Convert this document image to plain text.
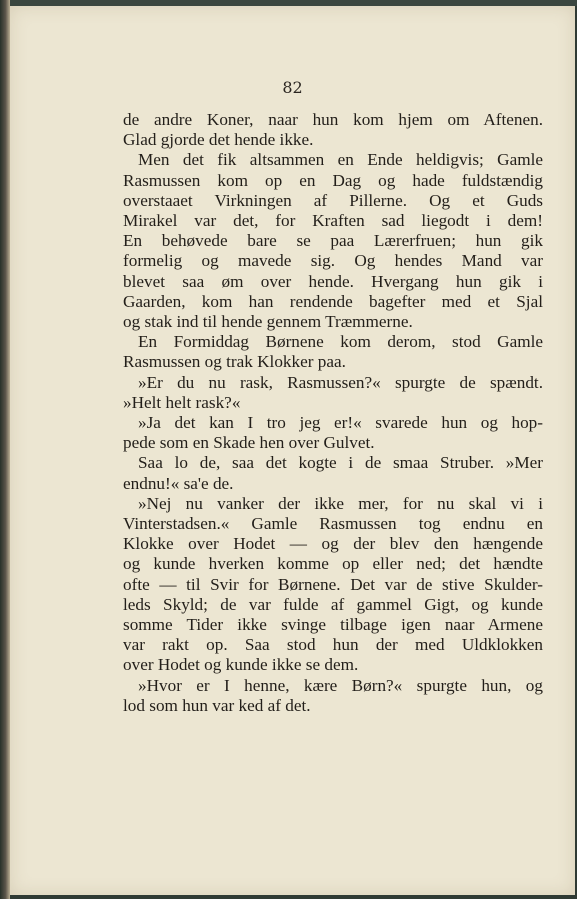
82
de andre Koner, naar hun kom hjem om Aftenen.
Glad gjorde det hende ikke.
Men det fik altsammen en Ende heldigvis; Gamle
Rasmussen kom op en Dag og hade fuldstændig
overstaaet Virkningen af Pillerne. Og et Guds
Mirakel var det, for Kraften sad liegodt i dem!
En behøvede bare se paa Lærerfruen; hun gik
formelig og mavede sig. Og hendes Mand var
blevet saa øm over hende. Hvergang hun gik i
Gaarden, kom han rendende bagefter med et Sjal
og stak ind til hende gennem Træmmerne.
En Formiddag Børnene kom derom, stod Gamle
Rasmussen og trak Klokker paa.
»Er du nu rask, Rasmussen?« spurgte de spændt.
»Helt helt rask?«
»Ja det kan I tro jeg er!« svarede hun og hop-
pede som en Skade hen over Gulvet.
Saa lo de, saa det kogte i de smaa Struber. »Mer
endnu!« sa'e de.
»Nej nu vanker der ikke mer, for nu skal vi i
Vinterstadsen.« Gamle Rasmussen tog endnu en
Klokke over Hodet — og der blev den hængende
og kunde hverken komme op eller ned; det hændte
ofte — til Svir for Børnene. Det var de stive Skulder-
leds Skyld; de var fulde af gammel Gigt, og kunde
somme Tider ikke svinge tilbage igen naar Armene
var rakt op. Saa stod hun der med Uldklokken
over Hodet og kunde ikke se dem.
»Hvor er I henne, kære Børn?« spurgte hun, og
lod som hun var ked af det.
